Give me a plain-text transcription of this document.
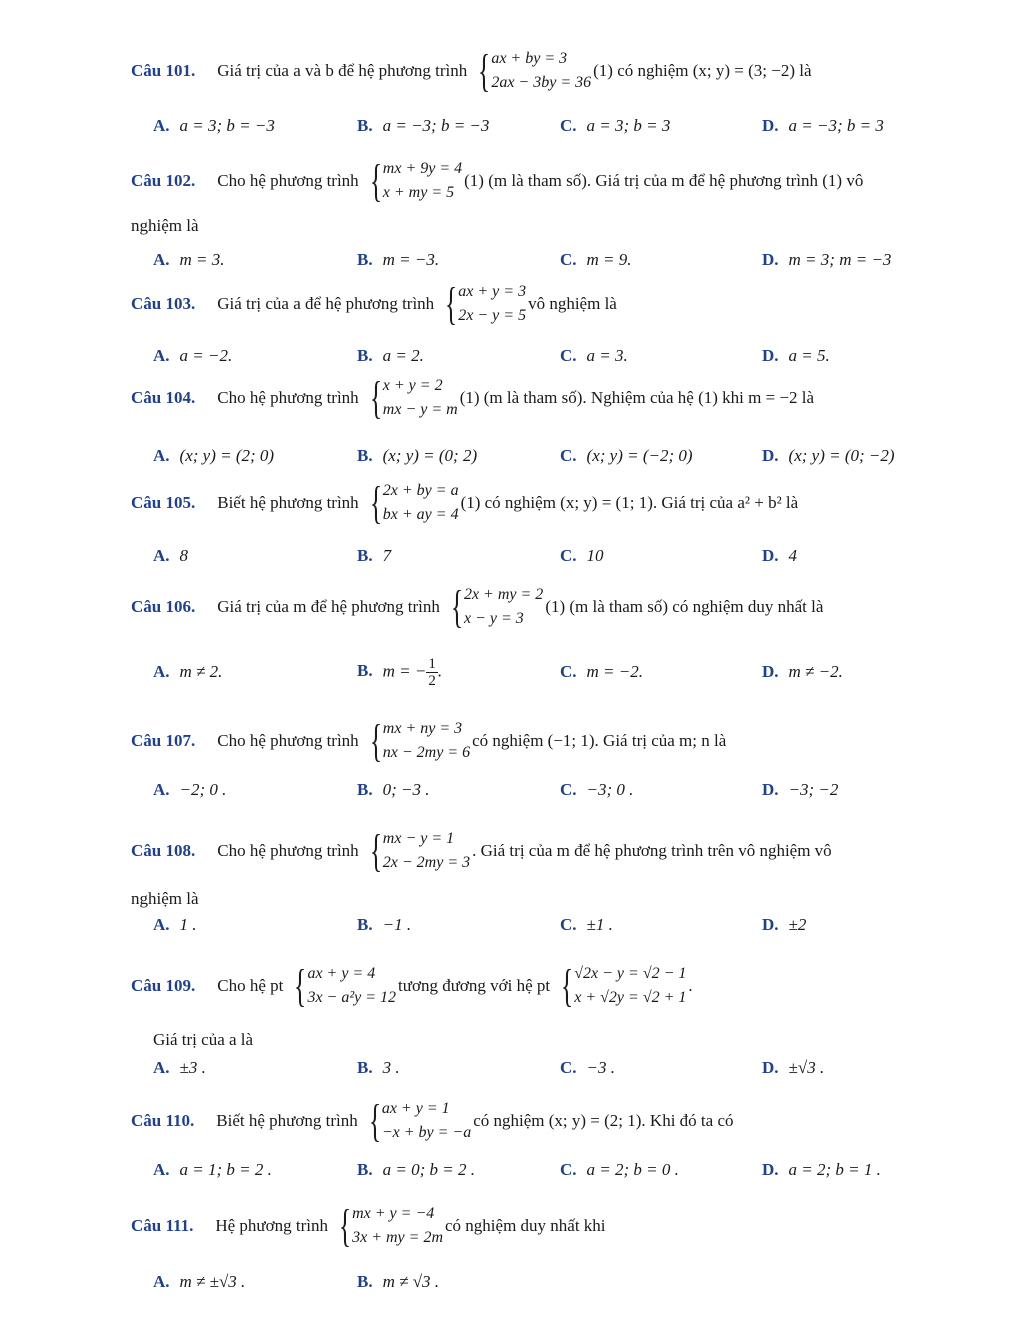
Câu 101. Giá trị của a và b để hệ phương trình { ax + by = 3
2ax − 3by = 36
(1) có nghiệm (x; y) = (3; −2) là
A. a = 3; b = −3	B. a = −3; b = −3	C. a = 3; b = 3	D. a = −3; b = 3
Câu 102. Cho hệ phương trình { mx + 9y = 4
x + my = 5
(1) (m là tham số). Giá trị của m để hệ phương trình (1) vô
nghiệm là
A. m = 3.	B. m = −3.	C. m = 9.	D. m = 3; m = −3
Câu 103. Giá trị của a để hệ phương trình { ax + y = 3
2x − y = 5
vô nghiệm là
A. a = −2.	B. a = 2.	C. a = 3.	D. a = 5.
Câu 104. Cho hệ phương trình { x + y = 2
mx − y = m
(1) (m là tham số). Nghiệm của hệ (1) khi m = −2 là
A. (x; y) = (2; 0)	B. (x; y) = (0; 2)	C. (x; y) = (−2; 0)	D. (x; y) = (0; −2)
Câu 105. Biết hệ phương trình { 2x + by = a
bx + ay = 4
(1) có nghiệm (x; y) = (1; 1). Giá trị của a² + b² là
A. 8	B. 7	C. 10	D. 4
Câu 106. Giá trị của m để hệ phương trình { 2x + my = 2
x − y = 3
(1) (m là tham số) có nghiệm duy nhất là
A. m ≠ 2.	B. m = − $\frac{1}{2}$ .	C. m = −2.	D. m ≠ −2.
Câu 107. Cho hệ phương trình { mx + ny = 3
nx − 2my = 6
có nghiệm (−1; 1). Giá trị của m; n là
A. −2; 0 .	B. 0; −3 .	C. −3; 0 .	D. −3; −2
Câu 108. Cho hệ phương trình { mx − y = 1
2x − 2my = 3
. Giá trị của m để hệ phương trình trên vô nghiệm vô
nghiệm là
A. 1 .	B. −1 .	C. ±1 .	D. ±2
Câu 109. Cho hệ pt { ax + y = 4
3x − a²y = 12
tương đương với hệ pt { √2x − y = √2 − 1
x + √2y = √2 + 1
.
Giá trị của a là
A. ±3 .	B. 3 .	C. −3 .	D. ±√3 .
Câu 110. Biết hệ phương trình { ax + y = 1
−x + by = −a
có nghiệm (x; y) = (2; 1). Khi đó ta có
A. a = 1; b = 2 .	B. a = 0; b = 2 .	C. a = 2; b = 0 .	D. a = 2; b = 1 .
Câu 111. Hệ phương trình { mx + y = −4
3x + my = 2m
có nghiệm duy nhất khi
A. m ≠ ±√3 .	B. m ≠ √3 .
